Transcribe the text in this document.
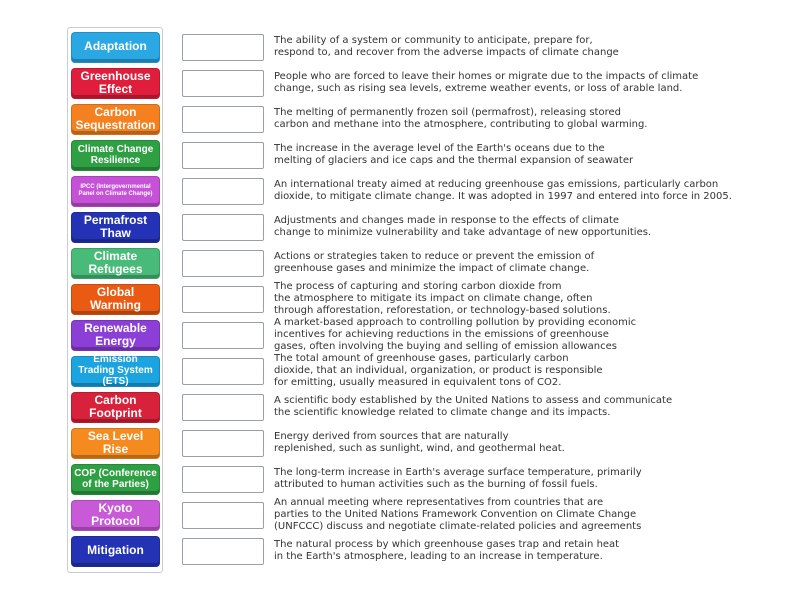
Adaptation
Greenhouse Effect
Carbon Sequestration
Climate Change Resilience
IPCC (Intergovernmental Panel on Climate Change)
Permafrost Thaw
Climate Refugees
Global Warming
Renewable Energy
Emission Trading System (ETS)
Carbon Footprint
Sea Level Rise
COP (Conference of the Parties)
Kyoto Protocol
Mitigation
The ability of a system or community to anticipate, prepare for,
respond to, and recover from the adverse impacts of climate change
People who are forced to leave their homes or migrate due to the impacts of climate
change, such as rising sea levels, extreme weather events, or loss of arable land.
The melting of permanently frozen soil (permafrost), releasing stored
carbon and methane into the atmosphere, contributing to global warming.
The increase in the average level of the Earth's oceans due to the
melting of glaciers and ice caps and the thermal expansion of seawater
An international treaty aimed at reducing greenhouse gas emissions, particularly carbon
dioxide, to mitigate climate change. It was adopted in 1997 and entered into force in 2005.
Adjustments and changes made in response to the effects of climate
change to minimize vulnerability and take advantage of new opportunities.
Actions or strategies taken to reduce or prevent the emission of
greenhouse gases and minimize the impact of climate change.
The process of capturing and storing carbon dioxide from
the atmosphere to mitigate its impact on climate change, often
through afforestation, reforestation, or technology-based solutions.
A market-based approach to controlling pollution by providing economic
incentives for achieving reductions in the emissions of greenhouse
gases, often involving the buying and selling of emission allowances
The total amount of greenhouse gases, particularly carbon
dioxide, that an individual, organization, or product is responsible
for emitting, usually measured in equivalent tons of CO2.
A scientific body established by the United Nations to assess and communicate
the scientific knowledge related to climate change and its impacts.
Energy derived from sources that are naturally
replenished, such as sunlight, wind, and geothermal heat.
The long-term increase in Earth's average surface temperature, primarily
attributed to human activities such as the burning of fossil fuels.
An annual meeting where representatives from countries that are
parties to the United Nations Framework Convention on Climate Change
(UNFCCC) discuss and negotiate climate-related policies and agreements
The natural process by which greenhouse gases trap and retain heat
in the Earth's atmosphere, leading to an increase in temperature.
